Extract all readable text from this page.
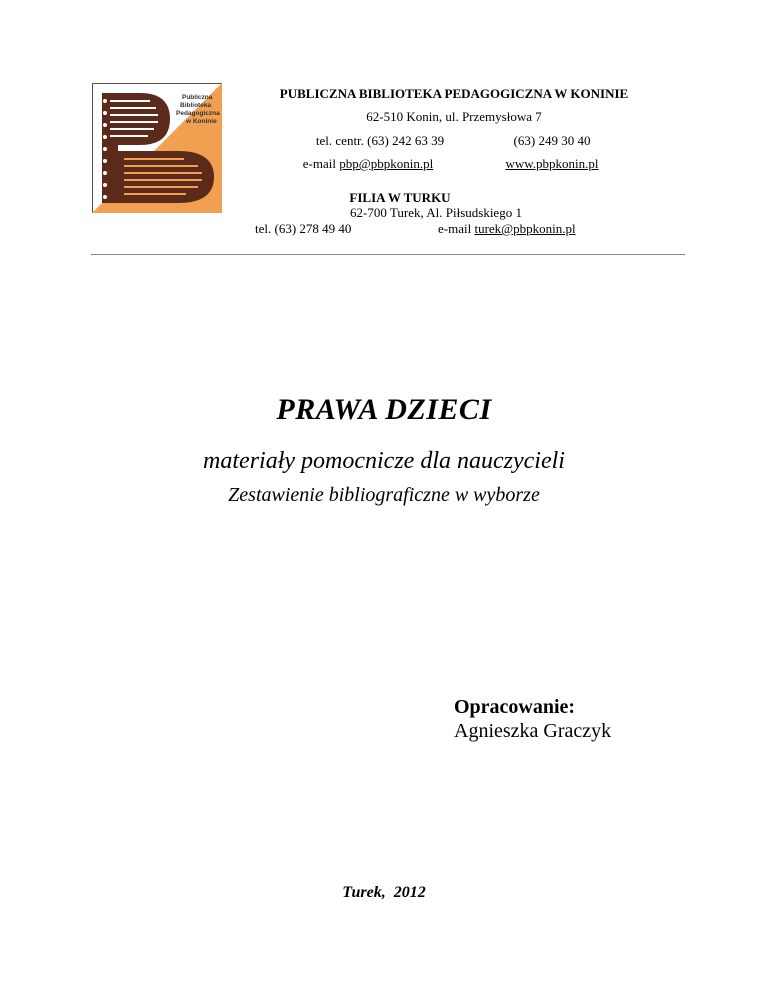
Publiczna
Biblioteka
Pedagogiczna
w Koninie
PUBLICZNA BIBLIOTEKA PEDAGOGICZNA W KONINIE
62-510 Konin, ul. Przemysłowa 7
tel. centr. (63) 242 63 39	(63) 249 30 40
e-mail pbp@pbpkonin.pl	www.pbpkonin.pl
FILIA W TURKU
62-700 Turek, Al. Piłsudskiego 1
tel. (63) 278 49 40	e-mail turek@pbpkonin.pl
PRAWA DZIECI
materiały pomocnicze dla nauczycieli
Zestawienie bibliograficzne w wyborze
Opracowanie:
Agnieszka Graczyk
Turek,  2012
